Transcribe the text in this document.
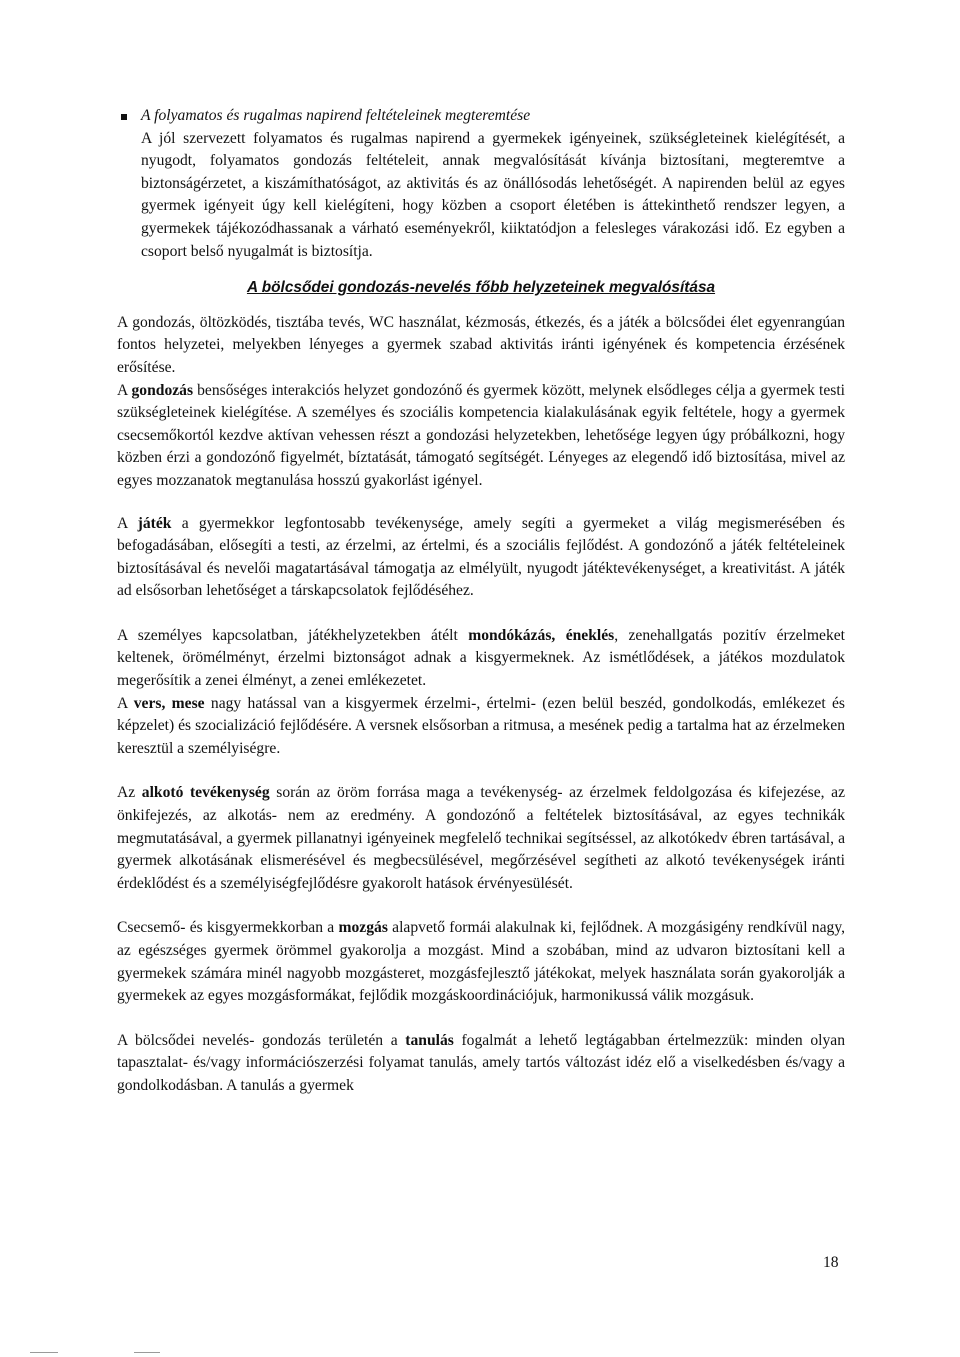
A folyamatos és rugalmas napirend feltételeinek megteremtése

A jól szervezett folyamatos és rugalmas napirend a gyermekek igényeinek, szükségleteinek kielégítését, a nyugodt, folyamatos gondozás feltételeit, annak megvalósítását kívánja biztosítani, megteremtve a biztonságérzetet, a kiszámíthatóságot, az aktivitás és az önállósodás lehetőségét. A napirenden belül az egyes gyermek igényeit úgy kell kielégíteni, hogy közben a csoport életében is áttekinthető rendszer legyen, a gyermekek tájékozódhassanak a várható eseményekről, kiiktatódjon a felesleges várakozási idő. Ez egyben a csoport belső nyugalmát is biztosítja.

A bölcsődei gondozás-nevelés főbb helyzeteinek megvalósítása

A gondozás, öltözködés, tisztába tevés, WC használat, kézmosás, étkezés, és a játék a bölcsődei élet egyenrangúan fontos helyzetei, melyekben lényeges a gyermek szabad aktivitás iránti igényének és kompetencia érzésének erősítése.

A gondozás bensőséges interakciós helyzet gondozónő és gyermek között, melynek elsődleges célja a gyermek testi szükségleteinek kielégítése. A személyes és szociális kompetencia kialakulásának egyik feltétele, hogy a gyermek csecsemőkortól kezdve aktívan vehessen részt a gondozási helyzetekben, lehetősége legyen úgy próbálkozni, hogy közben érzi a gondozónő figyelmét, bíztatását, támogató segítségét. Lényeges az elegendő idő biztosítása, mivel az egyes mozzanatok megtanulása hosszú gyakorlást igényel.

A játék a gyermekkor legfontosabb tevékenysége, amely segíti a gyermeket a világ megismerésében és befogadásában, elősegíti a testi, az érzelmi, az értelmi, és a szociális fejlődést. A gondozónő a játék feltételeinek biztosításával és nevelői magatartásával támogatja az elmélyült, nyugodt játéktevékenységet, a kreativitást. A játék ad elsősorban lehetőséget a társkapcsolatok fejlődéséhez.

A személyes kapcsolatban, játékhelyzetekben átélt mondókázás, éneklés, zenehallgatás pozitív érzelmeket keltenek, örömélményt, érzelmi biztonságot adnak a kisgyermeknek. Az ismétlődések, a játékos mozdulatok megerősítik a zenei élményt, a zenei emlékezetet.

A vers, mese nagy hatással van a kisgyermek érzelmi-, értelmi- (ezen belül beszéd, gondolkodás, emlékezet és képzelet) és szocializáció fejlődésére. A versnek elsősorban a ritmusa, a mesének pedig a tartalma hat az érzelmeken keresztül a személyiségre.

Az alkotó tevékenység során az öröm forrása maga a tevékenység- az érzelmek feldolgozása és kifejezése, az önkifejezés, az alkotás- nem az eredmény. A gondozónő a feltételek biztosításával, az egyes technikák megmutatásával, a gyermek pillanatnyi igényeinek megfelelő technikai segítséssel, az alkotókedv ébren tartásával, a gyermek alkotásának elismerésével és megbecsülésével, megőrzésével segítheti az alkotó tevékenységek iránti érdeklődést és a személyiségfejlődésre gyakorolt hatások érvényesülését.

Csecsemő- és kisgyermekkorban a mozgás alapvető formái alakulnak ki, fejlődnek. A mozgásigény rendkívül nagy, az egészséges gyermek örömmel gyakorolja a mozgást. Mind a szobában, mind az udvaron biztosítani kell a gyermekek számára minél nagyobb mozgásteret, mozgásfejlesztő játékokat, melyek használata során gyakorolják a gyermekek az egyes mozgásformákat, fejlődik mozgáskoordinációjuk, harmonikussá válik mozgásuk.

A bölcsődei nevelés- gondozás területén a tanulás fogalmát a lehető legtágabban értelmezzük: minden olyan tapasztalat- és/vagy információszerzési folyamat tanulás, amely tartós változást idéz elő a viselkedésben és/vagy a gondolkodásban. A tanulás a gyermek

18
